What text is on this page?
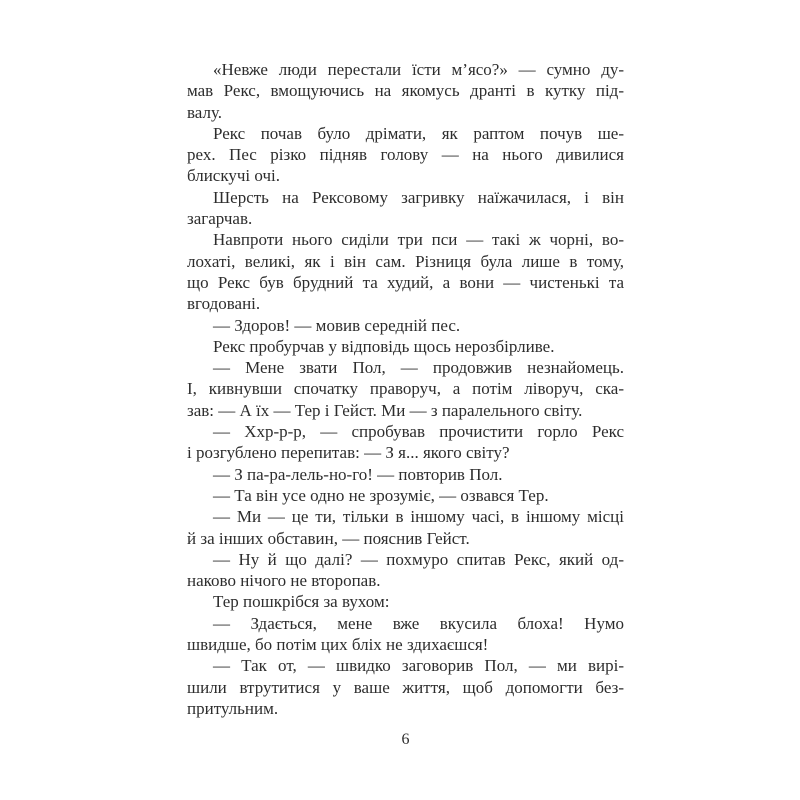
«Невже люди перестали їсти м’ясо?» — сумно ду-
мав Рекс, вмощуючись на якомусь дранті в кутку під-
валу.
Рекс почав було дрімати, як раптом почув ше-
рех. Пес різко підняв голову — на нього дивилися
блискучі очі.
Шерсть на Рексовому загривку наїжачилася, і він
загарчав.
Навпроти нього сиділи три пси — такі ж чорні, во-
лохаті, великі, як і він сам. Різниця була лише в тому,
що Рекс був брудний та худий, а вони — чистенькі та
вгодовані.
— Здоров! — мовив середній пес.
Рекс пробурчав у відповідь щось нерозбірливе.
— Мене звати Пол, — продовжив незнайомець.
І, кивнувши спочатку праворуч, а потім ліворуч, ска-
зав: — А їх — Тер і Гейст. Ми — з паралельного світу.
— Ххр-р-р, — спробував прочистити горло Рекс
і розгублено перепитав: — З я... якого світу?
— З па-ра-лель-но-го! — повторив Пол.
— Та він усе одно не зрозуміє, — озвався Тер.
— Ми — це ти, тільки в іншому часі, в іншому місці
й за інших обставин, — пояснив Гейст.
— Ну й що далі? — похмуро спитав Рекс, який од-
наково нічого не второпав.
Тер пошкрібся за вухом:
— Здається, мене вже вкусила блоха! Нумо
швидше, бо потім цих бліх не здихаєшся!
— Так от, — швидко заговорив Пол, — ми вирі-
шили втрутитися у ваше життя, щоб допомогти без-
притульним.
6
